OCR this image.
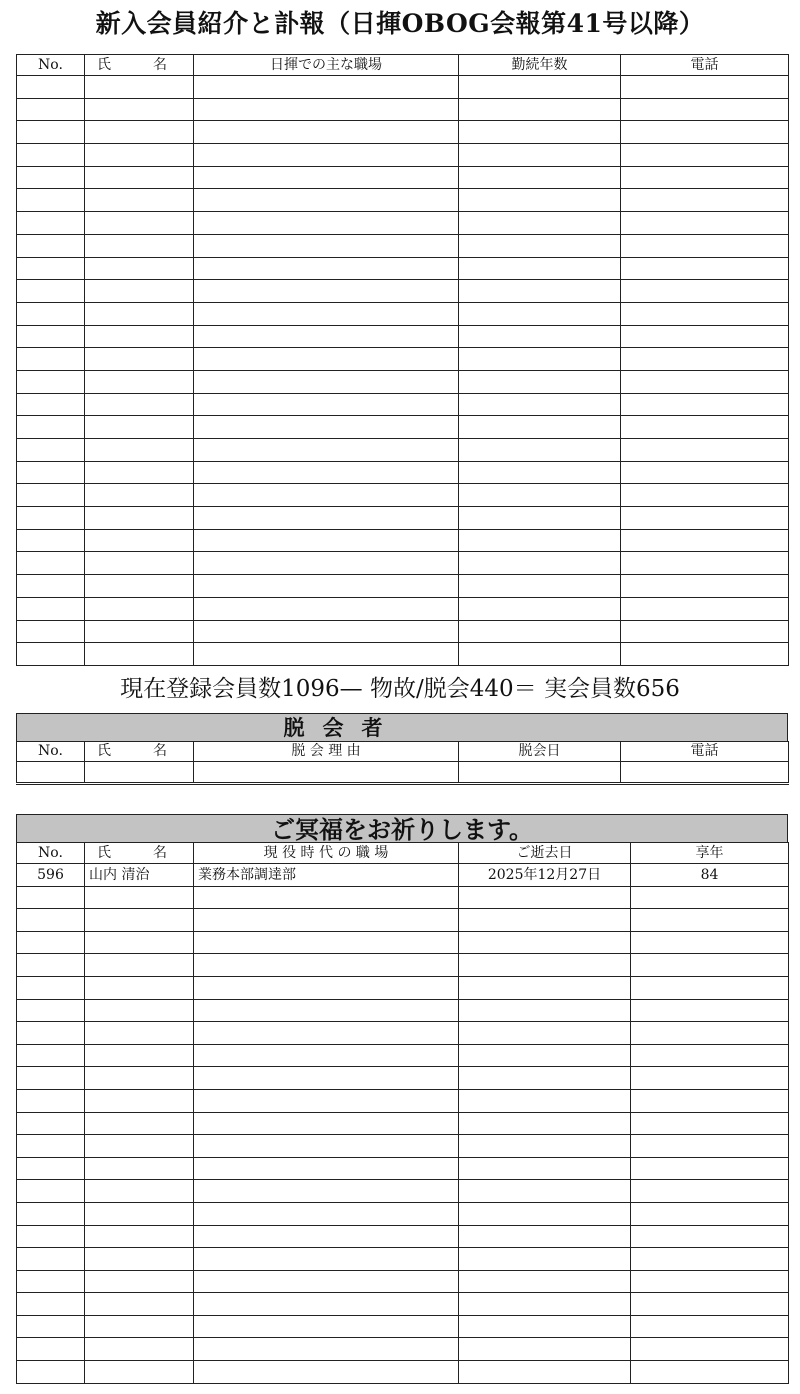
新入会員紹介と訃報（日揮OBOG会報第41号以降）
No.	氏　名	日揮での主な職場	勤続年数	電話

現在登録会員数1096— 物故/脱会440＝ 実会員数656
脱会者
No.	氏　名	脱 会 理 由	脱会日	電話

ご冥福をお祈りします。
No.	氏　名	現 役 時 代 の 職 場	ご逝去日	享年
596	山内 清治	業務本部調達部	2025年12月27日	84
